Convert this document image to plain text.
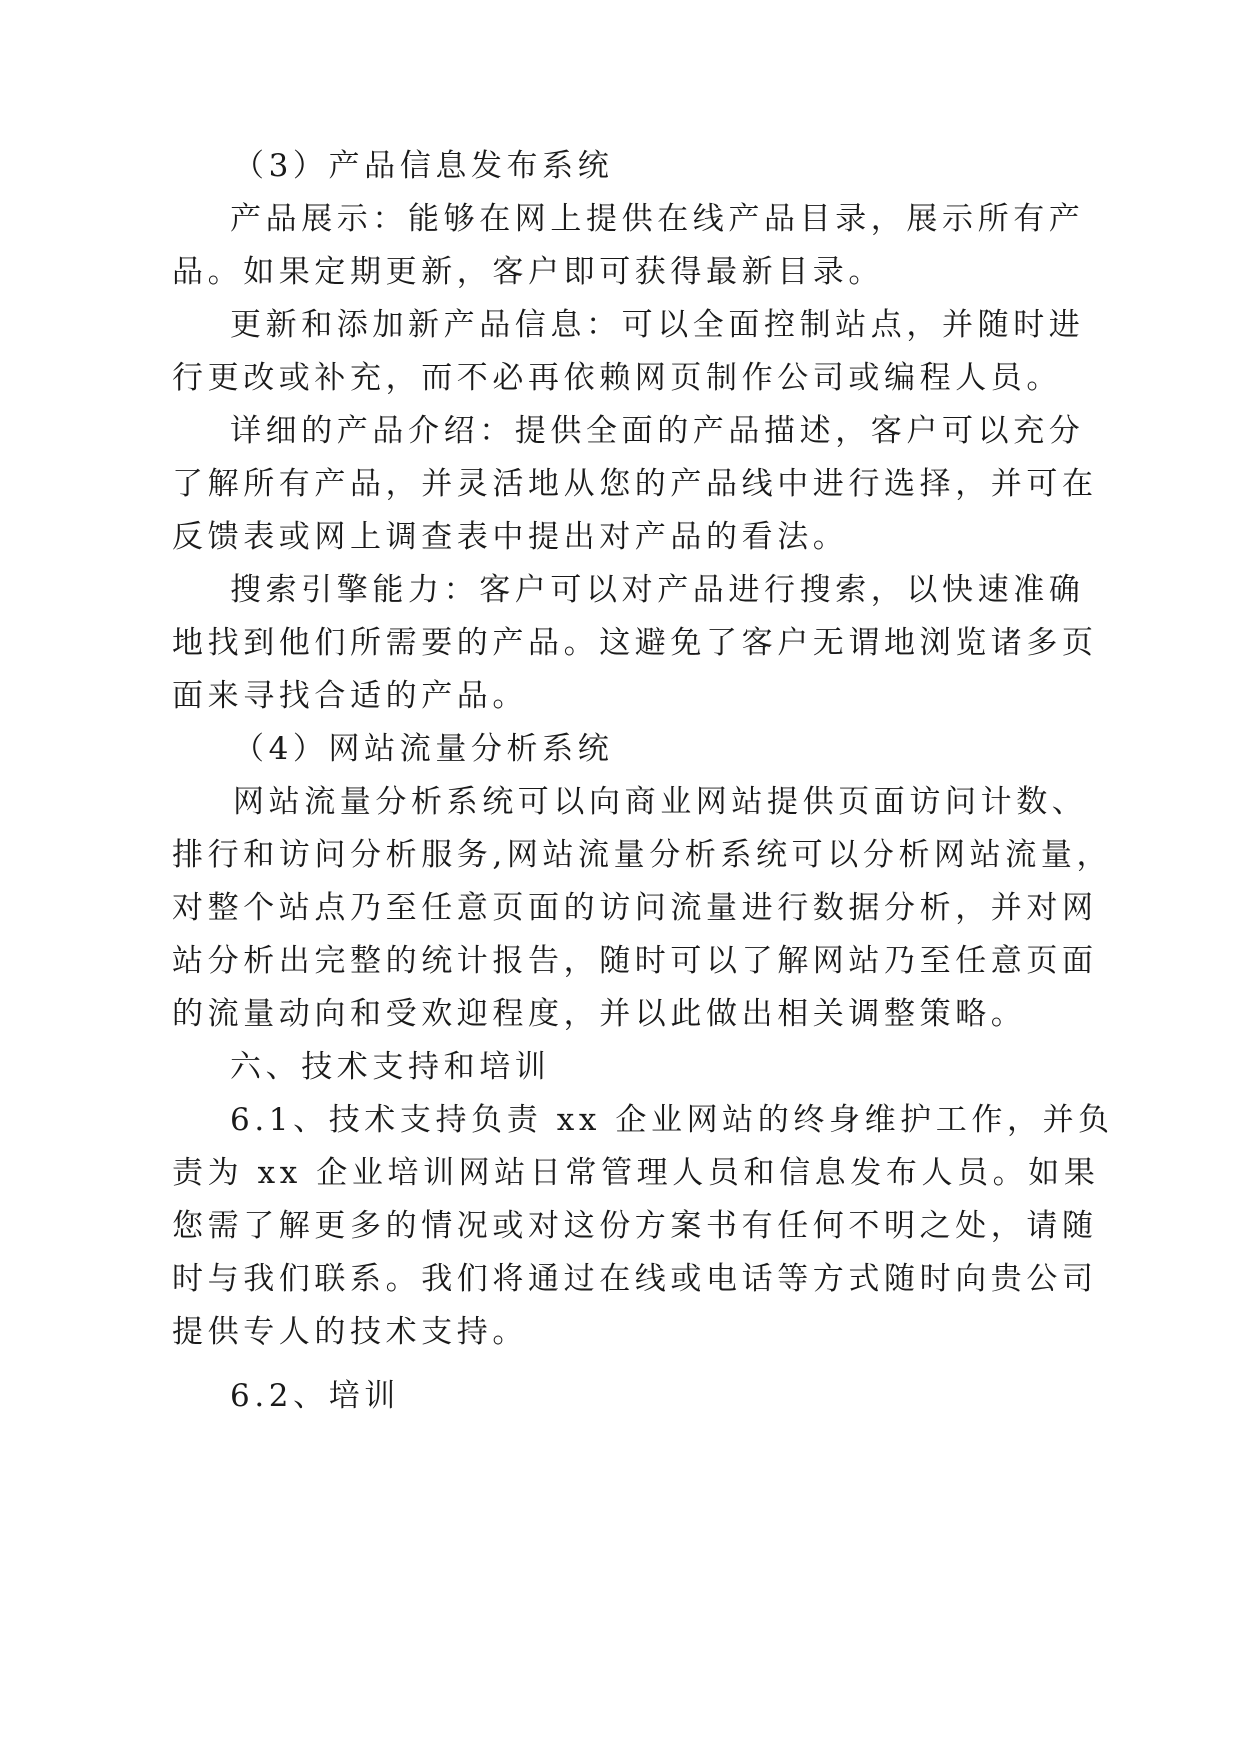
（3）产品信息发布系统
产品展示：能够在网上提供在线产品目录，展示所有产
品。如果定期更新，客户即可获得最新目录。
更新和添加新产品信息：可以全面控制站点，并随时进
行更改或补充，而不必再依赖网页制作公司或编程人员。
详细的产品介绍：提供全面的产品描述，客户可以充分
了解所有产品，并灵活地从您的产品线中进行选择，并可在
反馈表或网上调查表中提出对产品的看法。
搜索引擎能力：客户可以对产品进行搜索，以快速准确
地找到他们所需要的产品。这避免了客户无谓地浏览诸多页
面来寻找合适的产品。
（4）网站流量分析系统
网站流量分析系统可以向商业网站提供页面访问计数、
排行和访问分析服务,网站流量分析系统可以分析网站流量，
对整个站点乃至任意页面的访问流量进行数据分析，并对网
站分析出完整的统计报告，随时可以了解网站乃至任意页面
的流量动向和受欢迎程度，并以此做出相关调整策略。
六、技术支持和培训
6.1、技术支持负责 xx 企业网站的终身维护工作，并负
责为 xx 企业培训网站日常管理人员和信息发布人员。如果
您需了解更多的情况或对这份方案书有任何不明之处，请随
时与我们联系。我们将通过在线或电话等方式随时向贵公司
提供专人的技术支持。
6.2、培训
